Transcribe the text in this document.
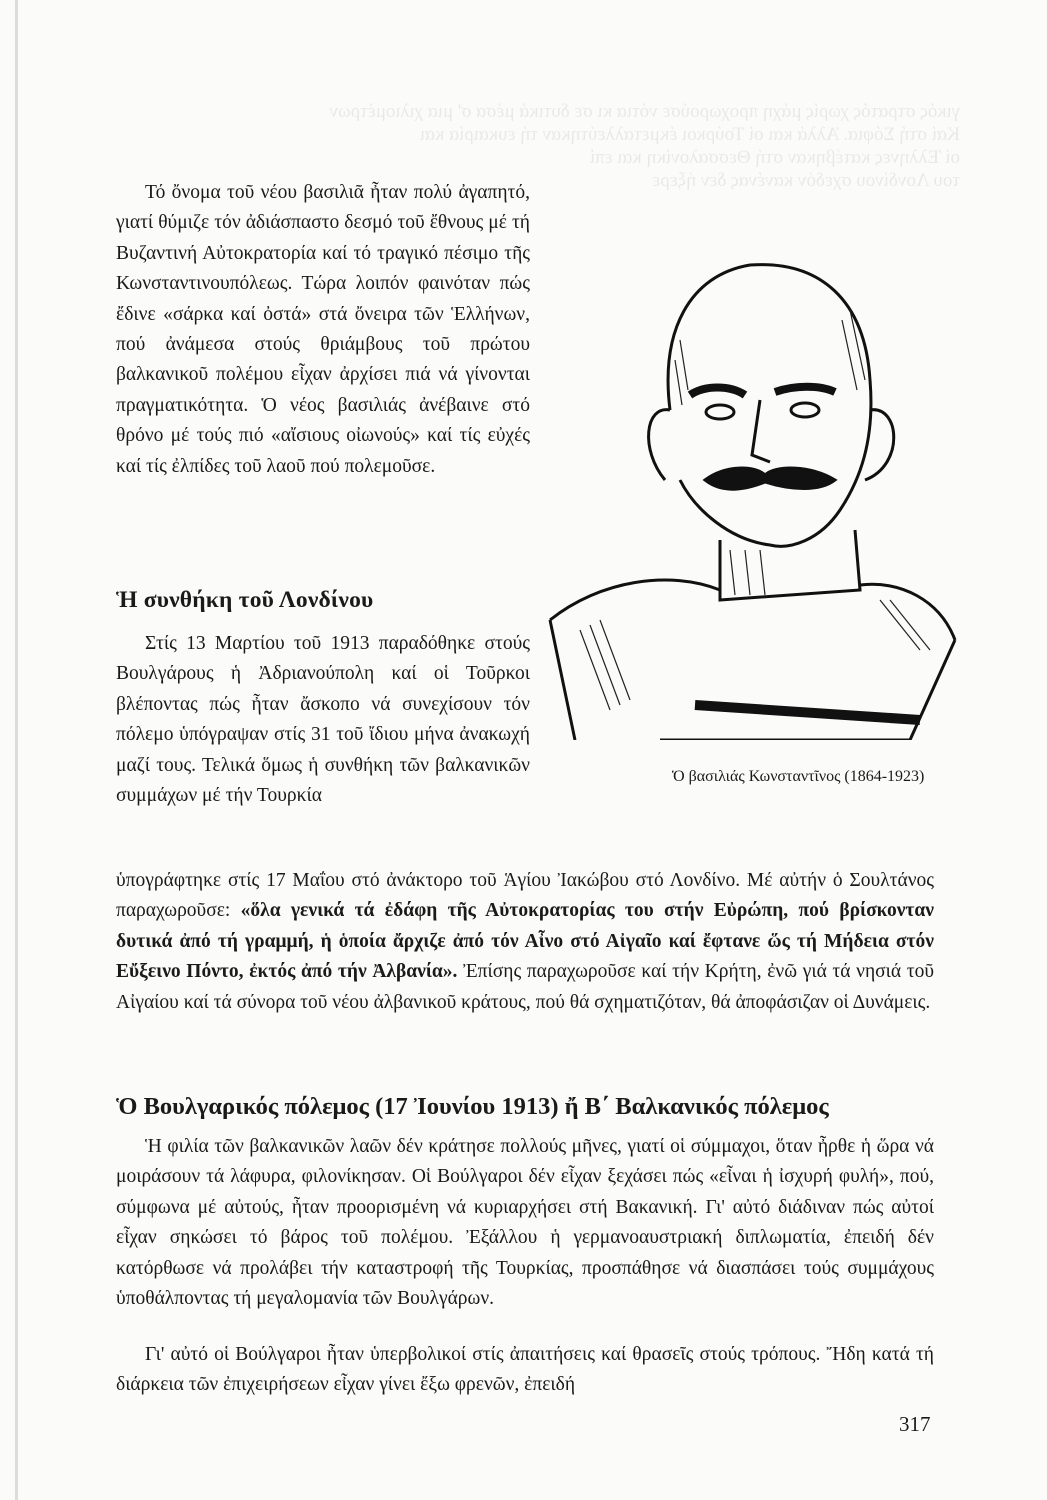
γικός στρατός χωρίς μάχη προχωρούσε νότια κι σε δυτικά μέσα σ' μια χιλιομέτρων
Καί στή Σόφια. Άλλά και οί Τούρκοι έκμεταλλεύτηκαν τή ευκαιρία και
οί Έλληνες κατέβηκαν στή Θεσσαλονίκη και επί
του Λονδίνου σχεδόν κανένας δεν ήξερε

Τό ὄνομα τοῦ νέου βασιλιᾶ ἦταν πολύ ἀγαπητό, γιατί θύμιζε τόν ἀδιάσπαστο δεσμό τοῦ ἔθνους μέ τή Βυζαντινή Αὐτοκρατορία καί τό τραγικό πέσιμο τῆς Κωνσταντινουπόλεως. Τώρα λοιπόν φαινόταν πώς ἔδινε «σάρκα καί ὀστά» στά ὄνειρα τῶν Ἑλλήνων, πού ἀνάμεσα στούς θριάμβους τοῦ πρώτου βαλκανικοῦ πολέμου εἶχαν ἀρχίσει πιά νά γίνονται πραγματικότητα. Ὁ νέος βασιλιάς ἀνέβαινε στό θρόνο μέ τούς πιό «αἴσιους οἰωνούς» καί τίς εὐχές καί τίς ἐλπίδες τοῦ λαοῦ πού πολεμοῦσε.

Ἡ συνθήκη τοῦ Λονδίνου

Στίς 13 Μαρτίου τοῦ 1913 παραδόθηκε στούς Βουλγάρους ἡ Ἀδριανούπολη καί οἱ Τοῦρκοι βλέποντας πώς ἦταν ἄσκοπο νά συνεχίσουν τόν πόλεμο ὑπόγραψαν στίς 31 τοῦ ἴδιου μήνα ἀνακωχή μαζί τους. Τελικά ὅμως ἡ συνθήκη τῶν βαλκανικῶν συμμάχων μέ τήν Τουρκία

ὑπογράφτηκε στίς 17 Μαΐου στό ἀνάκτορο τοῦ Ἁγίου Ἰακώβου στό Λονδίνο. Μέ αὐτήν ὁ Σουλτάνος παραχωροῦσε: «ὅλα γενικά τά ἐδάφη τῆς Αὐτοκρατορίας του στήν Εὐρώπη, πού βρίσκονταν δυτικά ἀπό τή γραμμή, ἡ ὁποία ἄρχιζε ἀπό τόν Αἶνο στό Αἰγαῖο καί ἔφτανε ὥς τή Μήδεια στόν Εὔξεινο Πόντο, ἐκτός ἀπό τήν Ἀλβανία». Ἐπίσης παραχωροῦσε καί τήν Κρήτη, ἐνῶ γιά τά νησιά τοῦ Αἰγαίου καί τά σύνορα τοῦ νέου ἀλβανικοῦ κράτους, πού θά σχηματιζόταν, θά ἀποφάσιζαν οἱ Δυνάμεις.
Ὁ βασιλιάς Κωνσταντῖνος (1864-1923)
Ὁ Βουλγαρικός πόλεμος (17 Ἰουνίου 1913) ἤ Β΄ Βαλκανικός πόλεμος

Ἡ φιλία τῶν βαλκανικῶν λαῶν δέν κράτησε πολλούς μῆνες, γιατί οἱ σύμμαχοι, ὅταν ἦρθε ἡ ὥρα νά μοιράσουν τά λάφυρα, φιλονίκησαν. Οἱ Βούλγαροι δέν εἶχαν ξεχάσει πώς «εἶναι ἡ ἰσχυρή φυλή», πού, σύμφωνα μέ αὐτούς, ἦταν προορισμένη νά κυριαρχήσει στή Βακανική. Γι' αὐτό διάδιναν πώς αὐτοί εἶχαν σηκώσει τό βάρος τοῦ πολέμου. Ἐξάλλου ἡ γερμανοαυστριακή διπλωματία, ἐπειδή δέν κατόρθωσε νά προλάβει τήν καταστροφή τῆς Τουρκίας, προσπάθησε νά διασπάσει τούς συμμάχους ὑποθάλποντας τή μεγαλομανία τῶν Βουλγάρων.

Γι' αὐτό οἱ Βούλγαροι ἦταν ὑπερβολικοί στίς ἀπαιτήσεις καί θρασεῖς στούς τρόπους. Ἤδη κατά τή διάρκεια τῶν ἐπιχειρήσεων εἶχαν γίνει ἔξω φρενῶν, ἐπειδή

317
